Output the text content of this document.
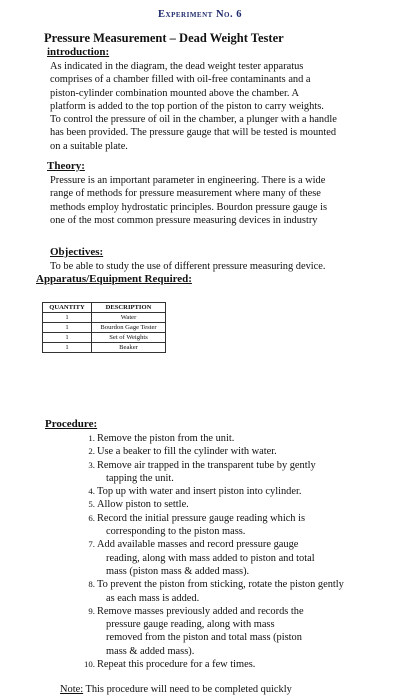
Experiment No. 6
Pressure Measurement – Dead Weight Tester
introduction:
As indicated in the diagram, the dead weight tester apparatus
comprises of a chamber filled with oil-free contaminants and a
piston-cylinder combination mounted above the chamber. A
platform is added to the top portion of the piston to carry weights.
To control the pressure of oil in the chamber, a plunger with a handle
has been provided. The pressure gauge that will be tested is mounted
on a suitable plate.
Theory:
Pressure is an important parameter in engineering. There is a wide
range of methods for pressure measurement where many of these
methods employ hydrostatic principles. Bourdon pressure gauge is
one of the most common pressure measuring devices in industry
Objectives:
To be able to study the use of different pressure measuring device.
Apparatus/Equipment Required:
QUANTITY	DESCRIPTION
1	Water
1	Bourdon Gage Tester
1	Set of Weights
1	Beaker
Procedure:
1. Remove the piston from the unit.
2. Use a beaker to fill the cylinder with water.
3. Remove air trapped in the transparent tube by gently
tapping the unit.
4. Top up with water and insert piston into cylinder.
5. Allow piston to settle.
6. Record the initial pressure gauge reading which is
corresponding to the piston mass.
7. Add available masses and record pressure gauge
reading, along with mass added to piston and total
mass (piston mass & added mass).
8. To prevent the piston from sticking, rotate the piston gently
as each mass is added.
9. Remove masses previously added and records the
pressure gauge reading, along with mass
removed from the piston and total mass (piston
mass & added mass).
10. Repeat this procedure for a few times.
Note: This procedure will need to be completed quickly
